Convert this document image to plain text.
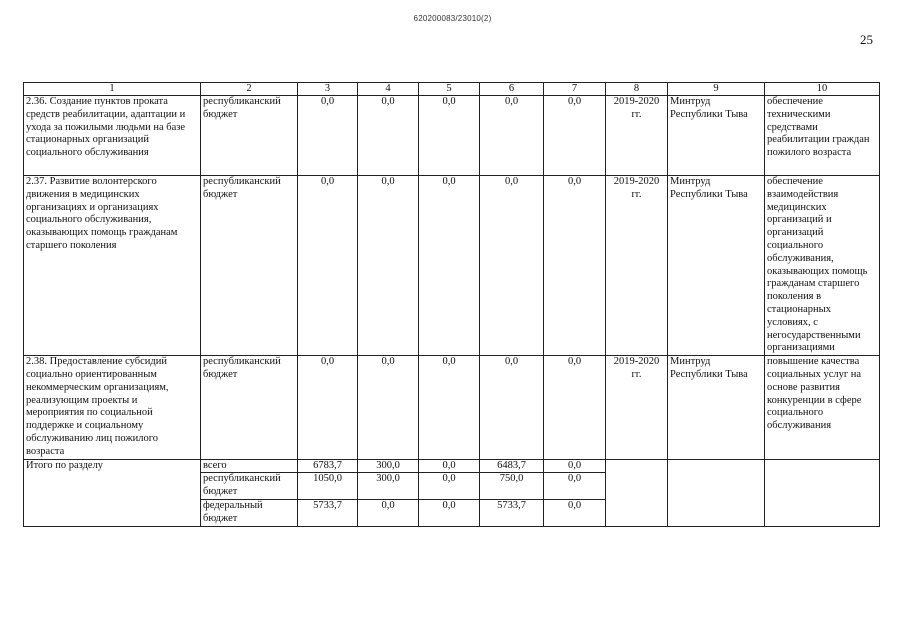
620200083/23010(2)
25
1	2	3	4	5	6	7	8	9	10
2.36. Создание пунктов проката средств реабилитации, адаптации и ухода за пожилыми людьми на базе стационарных организаций социального обслуживания	республиканский бюджет	0,0	0,0	0,0	0,0	0,0	2019-2020 гг.	Минтруд Республики Тыва	обеспечение техническими средствами реабилитации граждан пожилого возраста
2.37. Развитие волонтерского движения в медицинских организациях и организациях социального обслуживания, оказывающих помощь гражданам старшего поколения	республиканский бюджет	0,0	0,0	0,0	0,0	0,0	2019-2020 гг.	Минтруд Республики Тыва	обеспечение взаимодействия медицинских организаций и организаций социального обслуживания, оказывающих помощь гражданам старшего поколения в стационарных условиях, с негосударственными организациями
2.38. Предоставление субсидий социально ориентированным некоммерческим организациям, реализующим проекты и мероприятия по социальной поддержке и социальному обслуживанию лиц пожилого возраста	республиканский бюджет	0,0	0,0	0,0	0,0	0,0	2019-2020 гг.	Минтруд Республики Тыва	повышение качества социальных услуг на основе развития конкуренции в сфере социального обслуживания
Итого по разделу	всего	6783,7	300,0	0,0	6483,7	0,0			
	республиканский бюджет	1050,0	300,0	0,0	750,0	0,0			
	федеральный бюджет	5733,7	0,0	0,0	5733,7	0,0			
